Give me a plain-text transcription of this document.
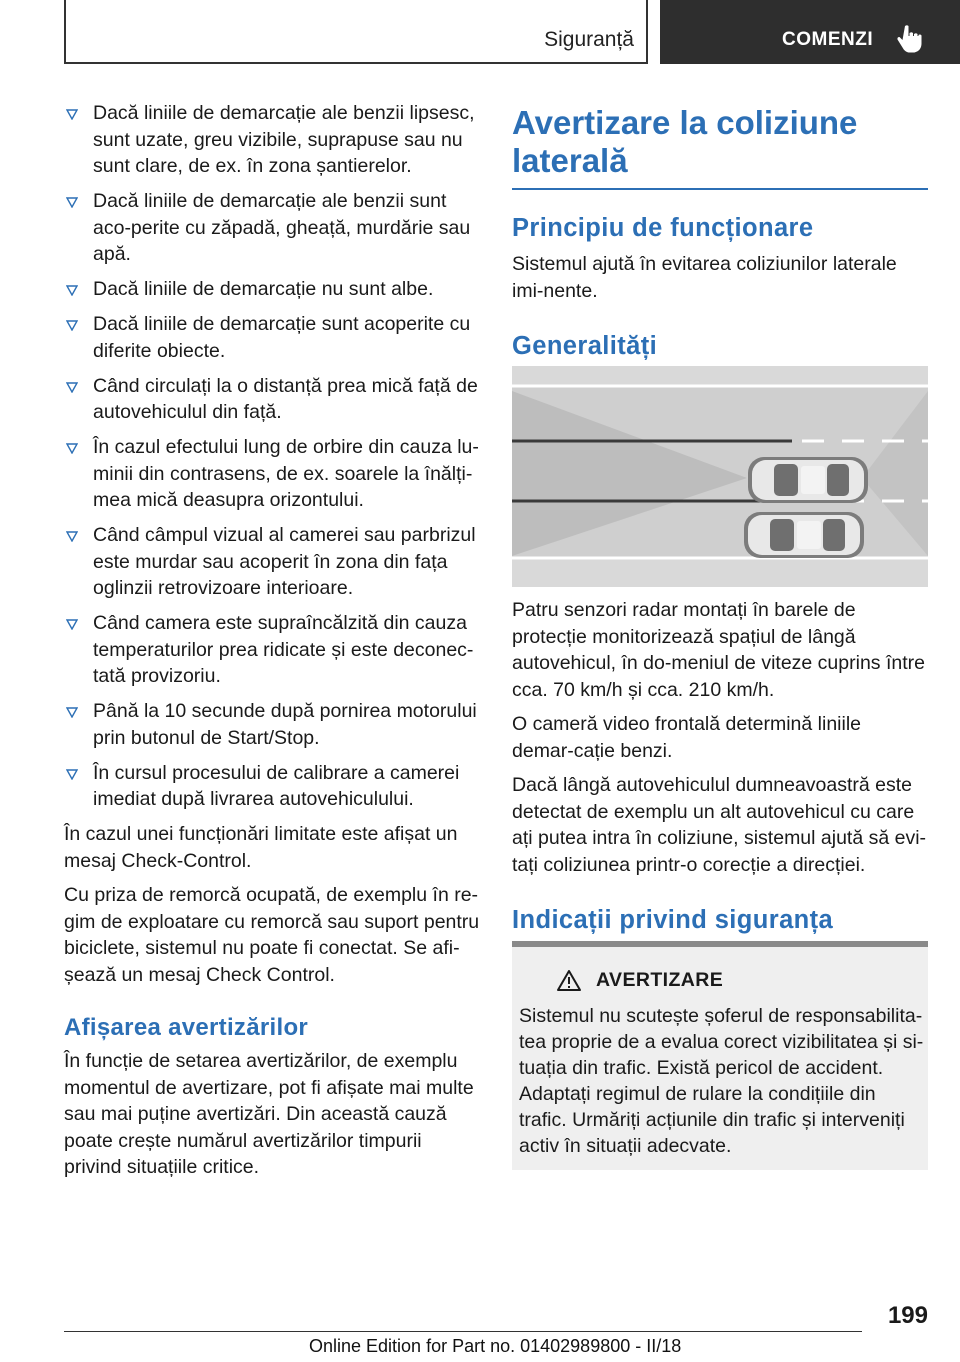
Siguranță	COMENZI
Dacă liniile de demarcație ale benzii lipsesc, sunt uzate, greu vizibile, suprapuse sau nu sunt clare, de ex. în zona șantierelor.
Dacă liniile de demarcație ale benzii sunt aco-perite cu zăpadă, gheață, murdărie sau apă.
Dacă liniile de demarcație nu sunt albe.
Dacă liniile de demarcație sunt acoperite cu diferite obiecte.
Când circulați la o distanță prea mică față de autovehiculul din față.
În cazul efectului lung de orbire din cauza lu-minii din contrasens, de ex. soarele la înălți-mea mică deasupra orizontului.
Când câmpul vizual al camerei sau parbrizul este murdar sau acoperit în zona din fața oglinzii retrovizoare interioare.
Când camera este supraîncălzită din cauza temperaturilor prea ridicate și este deconec-tată provizoriu.
Până la 10 secunde după pornirea motorului prin butonul de Start/Stop.
În cursul procesului de calibrare a camerei imediat după livrarea autovehiculului.

În cazul unei funcționări limitate este afișat un mesaj Check-Control.

Cu priza de remorcă ocupată, de exemplu în re-gim de exploatare cu remorcă sau suport pentru biciclete, sistemul nu poate fi conectat. Se afi-șează un mesaj Check Control.

Afișarea avertizărilor

În funcție de setarea avertizărilor, de exemplu momentul de avertizare, pot fi afișate mai multe sau mai puține avertizări. Din această cauză poate crește numărul avertizărilor timpurii privind situațiile critice.

Avertizare la coliziune laterală
Principiu de funcționare
Sistemul ajută în evitarea coliziunilor laterale imi-nente.
Generalități
Patru senzori radar montați în barele de protecție monitorizează spațiul de lângă autovehicul, în do-meniul de viteze cuprins între cca. 70 km/h și cca. 210 km/h.
O cameră video frontală determină liniile demar-cație benzi.
Dacă lângă autovehiculul dumneavoastră este detectat de exemplu un alt autovehicul cu care ați putea intra în coliziune, sistemul ajută să evi-tați coliziunea printr-o corecție a direcției.
Indicații privind siguranța
AVERTIZARE
Sistemul nu scutește șoferul de responsabilita-tea proprie de a evalua corect vizibilitatea și si-tuația din trafic. Există pericol de accident. Adaptați regimul de rulare la condițiile din trafic. Urmăriți acțiunile din trafic și interveniți activ în situații adecvate.
199
Online Edition for Part no. 01402989800 - II/18
